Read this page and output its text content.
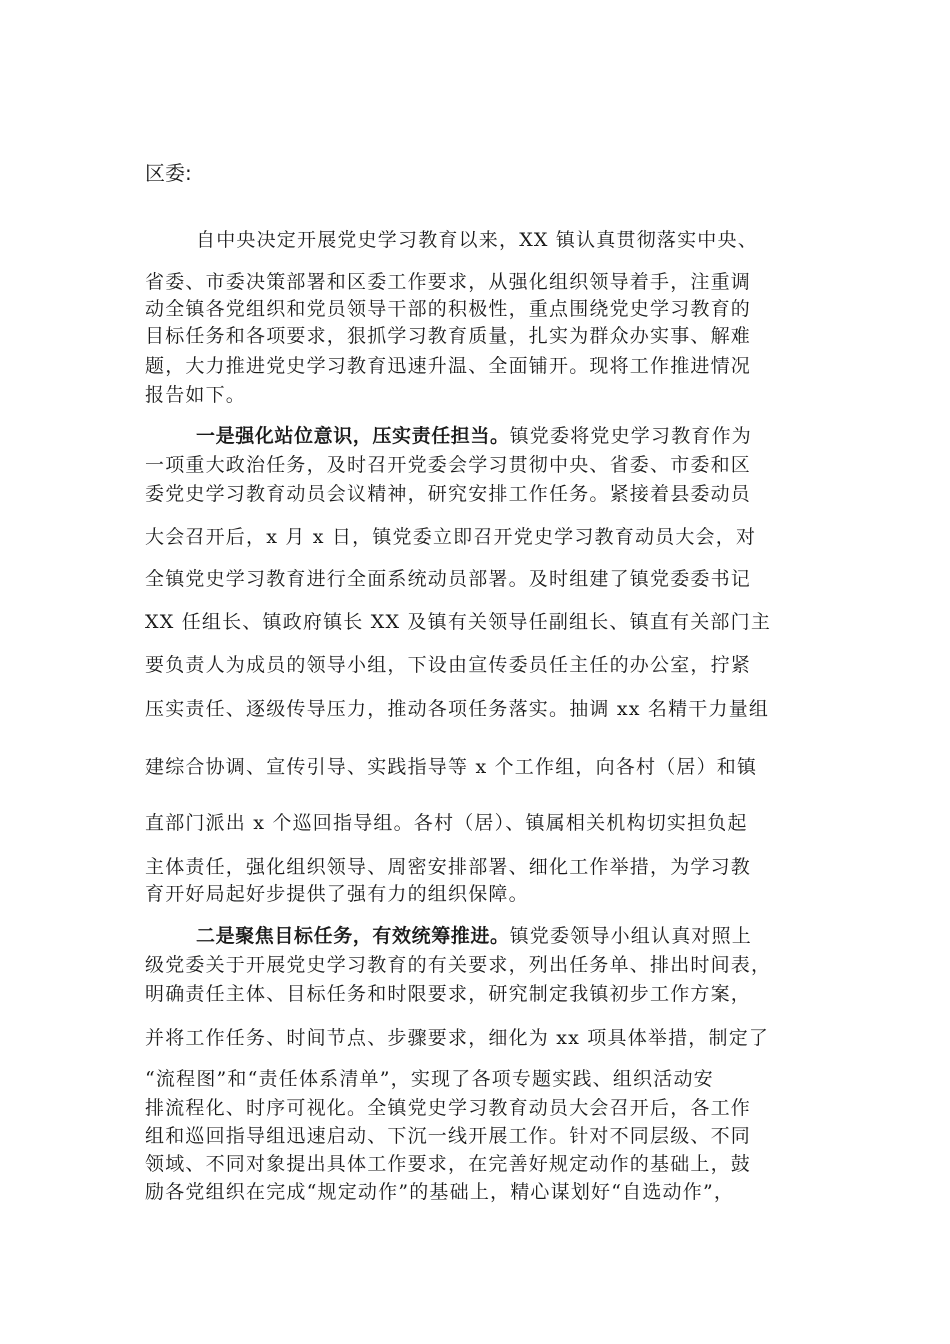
区委:
自中央决定开展党史学习教育以来，XX 镇认真贯彻落实中央、
省委、市委决策部署和区委工作要求，从强化组织领导着手，注重调
动全镇各党组织和党员领导干部的积极性，重点围绕党史学习教育的
目标任务和各项要求，狠抓学习教育质量，扎实为群众办实事、解难
题，大力推进党史学习教育迅速升温、全面铺开。现将工作推进情况
报告如下。
一是强化站位意识，压实责任担当。镇党委将党史学习教育作为
一项重大政治任务，及时召开党委会学习贯彻中央、省委、市委和区
委党史学习教育动员会议精神，研究安排工作任务。紧接着县委动员
大会召开后，x 月 x 日，镇党委立即召开党史学习教育动员大会，对
全镇党史学习教育进行全面系统动员部署。及时组建了镇党委委书记
XX 任组长、镇政府镇长 XX 及镇有关领导任副组长、镇直有关部门主
要负责人为成员的领导小组，下设由宣传委员任主任的办公室，拧紧
压实责任、逐级传导压力，推动各项任务落实。抽调 xx 名精干力量组
建综合协调、宣传引导、实践指导等 x 个工作组，向各村（居）和镇
直部门派出 x 个巡回指导组。各村（居）、镇属相关机构切实担负起
主体责任，强化组织领导、周密安排部署、细化工作举措，为学习教
育开好局起好步提供了强有力的组织保障。
二是聚焦目标任务，有效统筹推进。镇党委领导小组认真对照上
级党委关于开展党史学习教育的有关要求，列出任务单、排出时间表，
明确责任主体、目标任务和时限要求，研究制定我镇初步工作方案，
并将工作任务、时间节点、步骤要求，细化为 xx 项具体举措，制定了
“流程图”和“责任体系清单”，实现了各项专题实践、组织活动安
排流程化、时序可视化。全镇党史学习教育动员大会召开后，各工作
组和巡回指导组迅速启动、下沉一线开展工作。针对不同层级、不同
领域、不同对象提出具体工作要求，在完善好规定动作的基础上，鼓
励各党组织在完成“规定动作”的基础上，精心谋划好“自选动作”，
